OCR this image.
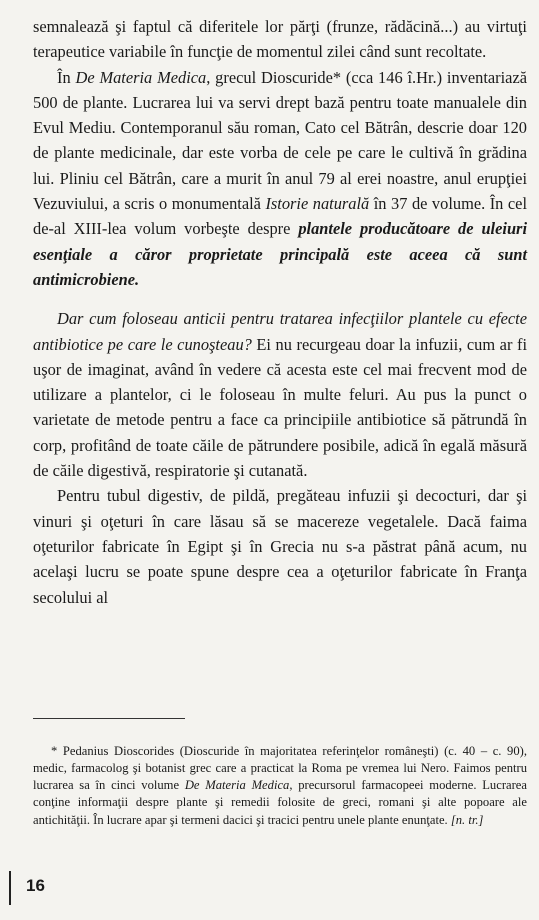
semnalează şi faptul că diferitele lor părţi (frunze, rădăcină...) au virtuţi terapeutice variabile în funcţie de momentul zilei când sunt recoltate.

În De Materia Medica, grecul Dioscuride* (cca 146 î.Hr.) inventariază 500 de plante. Lucrarea lui va servi drept bază pentru toate manualele din Evul Mediu. Contemporanul său roman, Cato cel Bătrân, descrie doar 120 de plante medicinale, dar este vorba de cele pe care le cultivă în grădina lui. Pliniu cel Bătrân, care a murit în anul 79 al erei noastre, anul erupţiei Vezuviului, a scris o monumentală Istorie naturală în 37 de volume. În cel de-al XIII-lea volum vorbeşte despre plantele producătoare de uleiuri esenţiale a căror proprietate principală este aceea că sunt antimicrobiene.

Dar cum foloseau anticii pentru tratarea infecţiilor plantele cu efecte antibiotice pe care le cunoşteau? Ei nu recurgeau doar la infuzii, cum ar fi uşor de imaginat, având în vedere că acesta este cel mai frecvent mod de utilizare a plantelor, ci le foloseau în multe feluri. Au pus la punct o varietate de metode pentru a face ca principiile antibiotice să pătrundă în corp, profitând de toate căile de pătrundere posibile, adică în egală măsură de căile digestivă, respiratorie şi cutanată.

Pentru tubul digestiv, de pildă, pregăteau infuzii şi decocturi, dar şi vinuri şi oţeturi în care lăsau să se macereze vegetalele. Dacă faima oţeturilor fabricate în Egipt şi în Grecia nu s-a păstrat până acum, nu acelaşi lucru se poate spune despre cea a oţeturilor fabricate în Franţa secolului al

* Pedanius Dioscorides (Dioscuride în majoritatea referinţelor româneşti) (c. 40 – c. 90), medic, farmacolog şi botanist grec care a practicat la Roma pe vremea lui Nero. Faimos pentru lucrarea sa în cinci volume De Materia Medica, precursorul farmacopeei moderne. Lucrarea conţine informaţii despre plante şi remedii folosite de greci, romani şi alte popoare ale antichităţii. În lucrare apar şi termeni dacici şi tracici pentru unele plante enunţate. [n. tr.]

16
